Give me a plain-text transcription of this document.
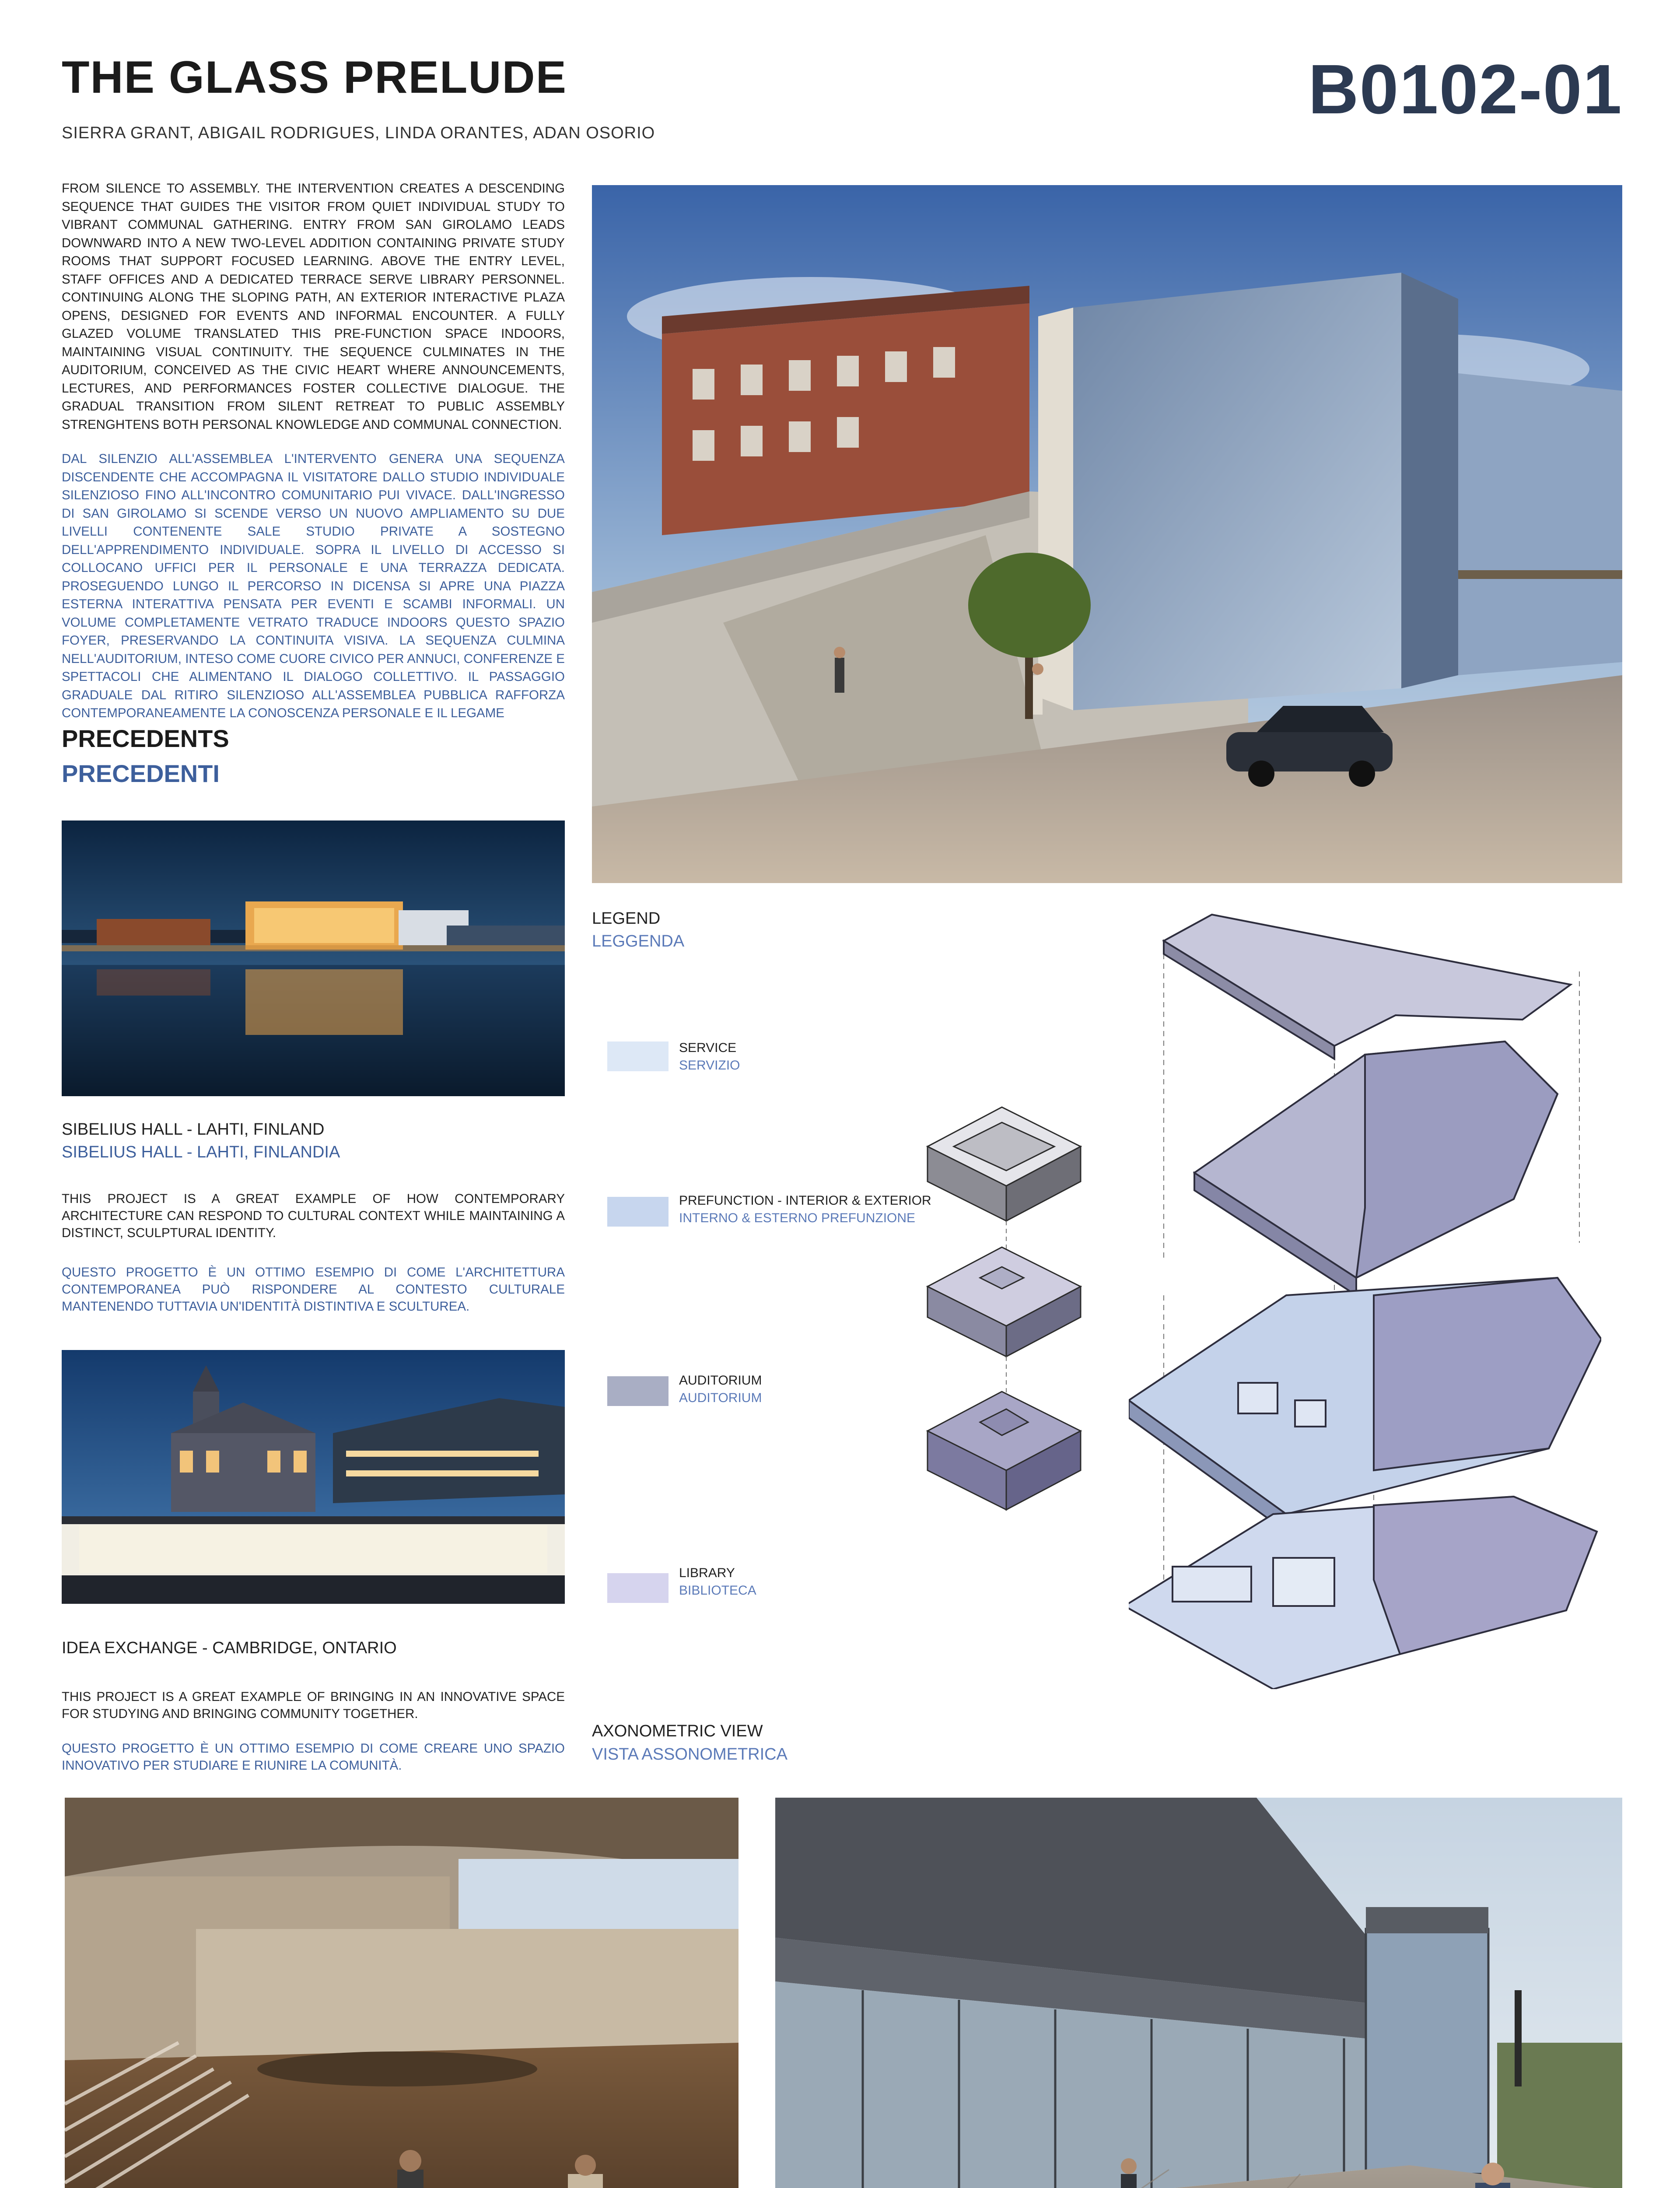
THE GLASS PRELUDE	B0102-01
SIERRA GRANT, ABIGAIL RODRIGUES, LINDA ORANTES, ADAN OSORIO

FROM SILENCE TO ASSEMBLY. THE INTERVENTION CREATES A DESCENDING SEQUENCE THAT GUIDES THE VISITOR FROM QUIET INDIVIDUAL STUDY TO VIBRANT COMMUNAL GATHERING. ENTRY FROM SAN GIROLAMO LEADS DOWNWARD INTO A NEW TWO-LEVEL ADDITION CONTAINING PRIVATE STUDY ROOMS THAT SUPPORT FOCUSED LEARNING. ABOVE THE ENTRY LEVEL, STAFF OFFICES AND A DEDICATED TERRACE SERVE LIBRARY PERSONNEL. CONTINUING ALONG THE SLOPING PATH, AN EXTERIOR INTERACTIVE PLAZA OPENS, DESIGNED FOR EVENTS AND INFORMAL ENCOUNTER. A FULLY GLAZED VOLUME TRANSLATED THIS PRE-FUNCTION SPACE INDOORS, MAINTAINING VISUAL CONTINUITY. THE SEQUENCE CULMINATES IN THE AUDITORIUM, CONCEIVED AS THE CIVIC HEART WHERE ANNOUNCEMENTS, LECTURES, AND PERFORMANCES FOSTER COLLECTIVE DIALOGUE. THE GRADUAL TRANSITION FROM SILENT RETREAT TO PUBLIC ASSEMBLY STRENGHTENS BOTH PERSONAL KNOWLEDGE AND COMMUNAL CONNECTION.

DAL SILENZIO ALL'ASSEMBLEA L'INTERVENTO GENERA UNA SEQUENZA DISCENDENTE CHE ACCOMPAGNA IL VISITATORE DALLO STUDIO INDIVIDUALE SILENZIOSO FINO ALL'INCONTRO COMUNITARIO PUI VIVACE. DALL'INGRESSO DI SAN GIROLAMO SI SCENDE VERSO UN NUOVO AMPLIAMENTO SU DUE LIVELLI CONTENENTE SALE STUDIO PRIVATE A SOSTEGNO DELL'APPRENDIMENTO INDIVIDUALE. SOPRA IL LIVELLO DI ACCESSO SI COLLOCANO UFFICI PER IL PERSONALE E UNA TERRAZZA DEDICATA. PROSEGUENDO LUNGO IL PERCORSO IN DICENSA SI APRE UNA PIAZZA ESTERNA INTERATTIVA PENSATA PER EVENTI E SCAMBI INFORMALI. UN VOLUME COMPLETAMENTE VETRATO TRADUCE INDOORS QUESTO SPAZIO FOYER, PRESERVANDO LA CONTINUITA VISIVA. LA SEQUENZA CULMINA NELL'AUDITORIUM, INTESO COME CUORE CIVICO PER ANNUCI, CONFERENZE E SPETTACOLI CHE ALIMENTANO IL DIALOGO COLLETTIVO. IL PASSAGGIO GRADUALE DAL RITIRO SILENZIOSO ALL'ASSEMBLEA PUBBLICA RAFFORZA CONTEMPORANEAMENTE LA CONOSCENZA PERSONALE E IL LEGAME

PRECEDENTS
PRECEDENTI
SIBELIUS HALL - LAHTI, FINLAND
SIBELIUS HALL - LAHTI, FINLANDIA

THIS PROJECT IS A GREAT EXAMPLE OF HOW CONTEMPORARY ARCHITECTURE CAN RESPOND TO CULTURAL CONTEXT WHILE MAINTAINING A DISTINCT, SCULPTURAL IDENTITY.

QUESTO PROGETTO È UN OTTIMO ESEMPIO DI COME L'ARCHITETTURA CONTEMPORANEA PUÒ RISPONDERE AL CONTESTO CULTURALE MANTENENDO TUTTAVIA UN'IDENTITÀ DISTINTIVA E SCULTUREA.

IDEA EXCHANGE - CAMBRIDGE, ONTARIO

THIS PROJECT IS A GREAT EXAMPLE OF BRINGING IN AN INNOVATIVE SPACE FOR STUDYING AND BRINGING COMMUNITY TOGETHER.

QUESTO PROGETTO È UN OTTIMO ESEMPIO DI COME CREARE UNO SPAZIO INNOVATIVO PER STUDIARE E RIUNIRE LA COMUNITÀ.

LEGEND
LEGGENDA
SERVICE
SERVIZIO
PREFUNCTION - INTERIOR & EXTERIOR
INTERNO & ESTERNO PREFUNZIONE
AUDITORIUM
AUDITORIUM
LIBRARY
BIBLIOTECA
AXONOMETRIC VIEW
VISTA ASSONOMETRICA
